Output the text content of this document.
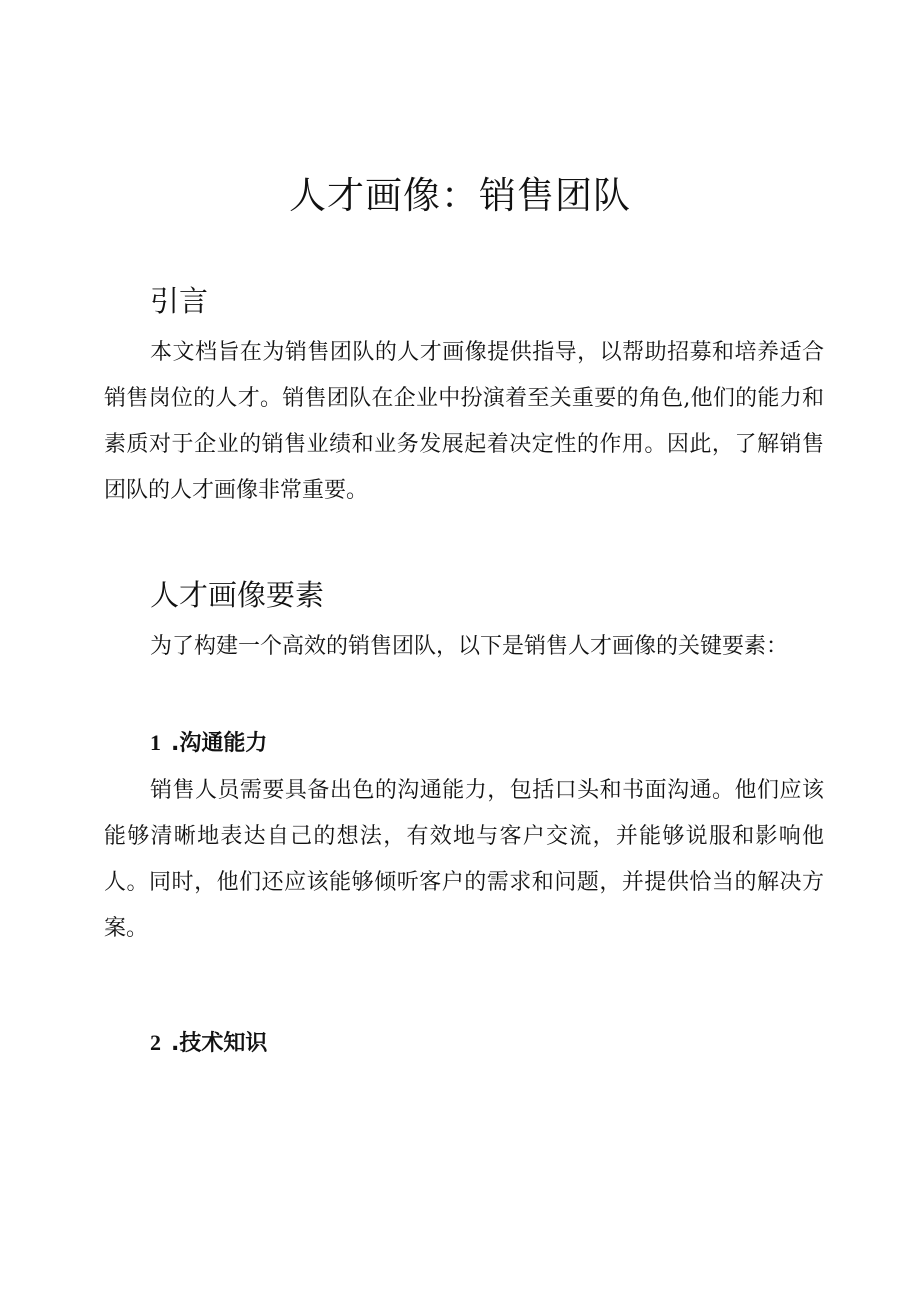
人才画像：销售团队
引言

本文档旨在为销售团队的人才画像提供指导，以帮助招募和培养适合销售岗位的人才。销售团队在企业中扮演着至关重要的角色,他们的能力和素质对于企业的销售业绩和业务发展起着决定性的作用。因此，了解销售团队的人才画像非常重要。

人才画像要素

为了构建一个高效的销售团队，以下是销售人才画像的关键要素：

1 .沟通能力

销售人员需要具备出色的沟通能力，包括口头和书面沟通。他们应该能够清晰地表达自己的想法，有效地与客户交流，并能够说服和影响他人。同时，他们还应该能够倾听客户的需求和问题，并提供恰当的解决方案。

2 .技术知识
